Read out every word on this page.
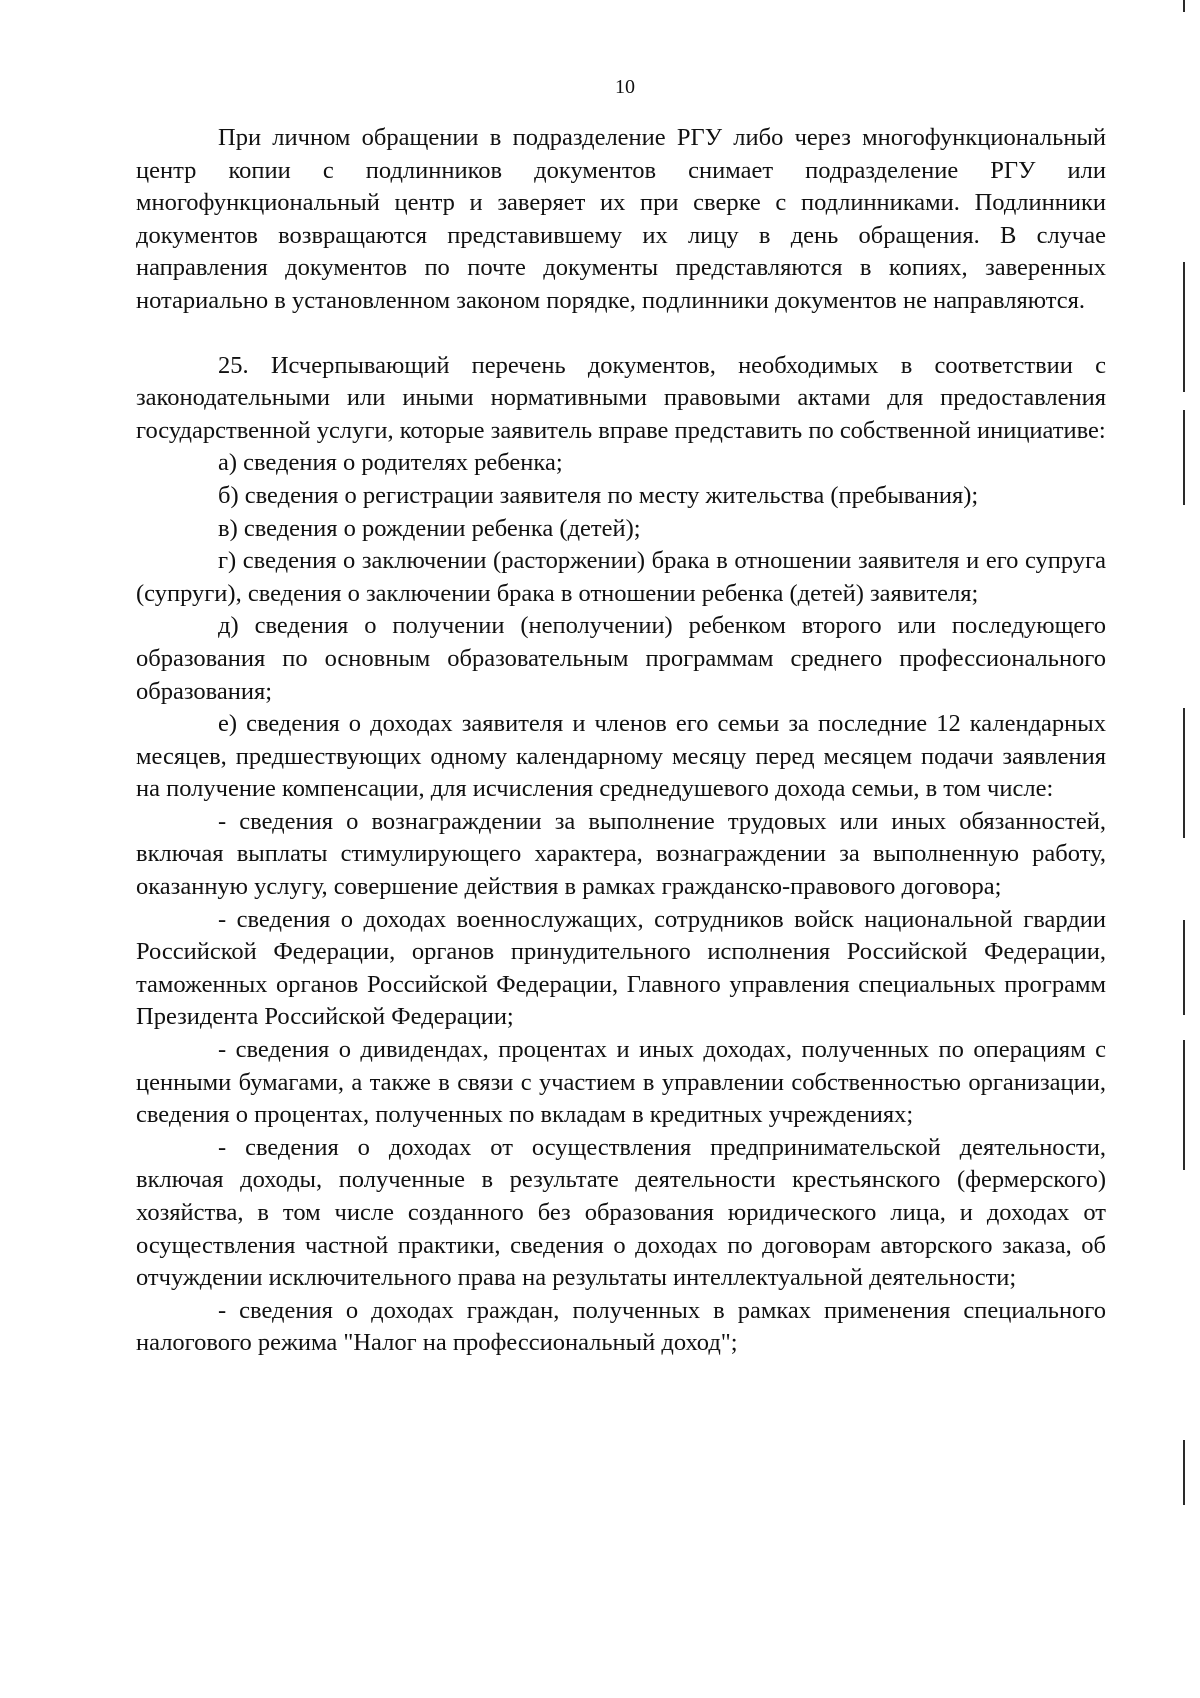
10

При личном обращении в подразделение РГУ либо через многофункциональный центр копии с подлинников документов снимает подразделение РГУ или многофункциональный центр и заверяет их при сверке с подлинниками. Подлинники документов возвращаются представившему их лицу в день обращения. В случае направления документов по почте документы представляются в копиях, заверенных нотариально в установленном законом порядке, подлинники документов не направляются.

25. Исчерпывающий перечень документов, необходимых в соответствии с законодательными или иными нормативными правовыми актами для предоставления государственной услуги, которые заявитель вправе представить по собственной инициативе:

а) сведения о родителях ребенка;

б) сведения о регистрации заявителя по месту жительства (пребывания);

в) сведения о рождении ребенка (детей);

г) сведения о заключении (расторжении) брака в отношении заявителя и его супруга (супруги), сведения о заключении брака в отношении ребенка (детей) заявителя;

д) сведения о получении (неполучении) ребенком второго или последующего образования по основным образовательным программам среднего профессионального образования;

е) сведения о доходах заявителя и членов его семьи за последние 12 календарных месяцев, предшествующих одному календарному месяцу перед месяцем подачи заявления на получение компенсации, для исчисления среднедушевого дохода семьи, в том числе:

- сведения о вознаграждении за выполнение трудовых или иных обязанностей, включая выплаты стимулирующего характера, вознаграждении за выполненную работу, оказанную услугу, совершение действия в рамках гражданско-правового договора;

- сведения о доходах военнослужащих, сотрудников войск национальной гвардии Российской Федерации, органов принудительного исполнения Российской Федерации, таможенных органов Российской Федерации, Главного управления специальных программ Президента Российской Федерации;

- сведения о дивидендах, процентах и иных доходах, полученных по операциям с ценными бумагами, а также в связи с участием в управлении собственностью организации, сведения о процентах, полученных по вкладам в кредитных учреждениях;

- сведения о доходах от осуществления предпринимательской деятельности, включая доходы, полученные в результате деятельности крестьянского (фермерского) хозяйства, в том числе созданного без образования юридического лица, и доходах от осуществления частной практики, сведения о доходах по договорам авторского заказа, об отчуждении исключительного права на результаты интеллектуальной деятельности;

- сведения о доходах граждан, полученных в рамках применения специального налогового режима "Налог на профессиональный доход";
